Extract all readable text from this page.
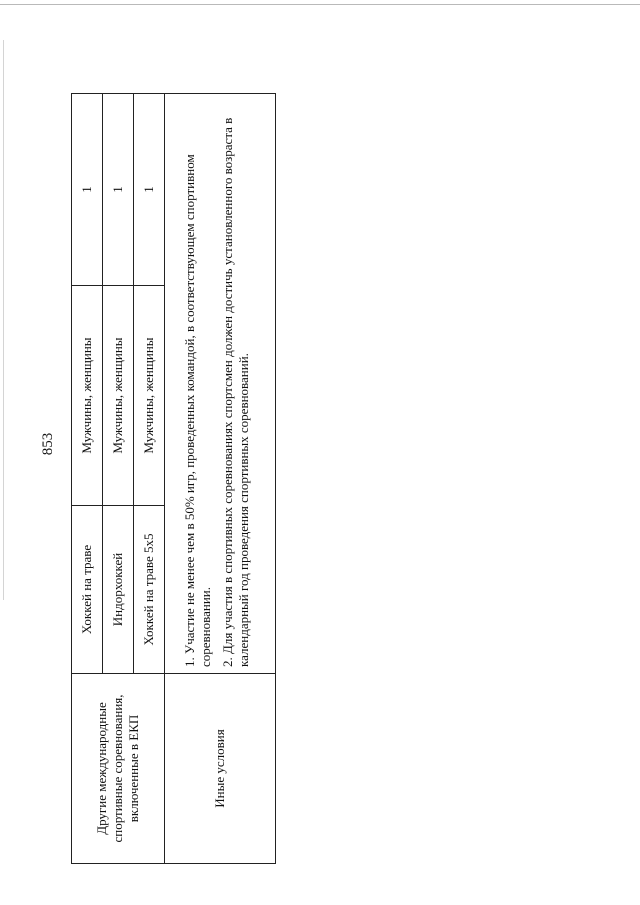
853
Другие международные спортивные соревнования, включенные в ЕКП	Хоккей на траве	Мужчины, женщины	1
	Индорхоккей	Мужчины, женщины	1
	Хоккей на траве 5x5	Мужчины, женщины	1
Иные условия	1. Участие не менее чем в 50% игр, проведенных командой, в соответствующем спортивном соревновании. 2. Для участия в спортивных соревнованиях спортсмен должен достичь установленного возраста в календарный год проведения спортивных соревнований.		
